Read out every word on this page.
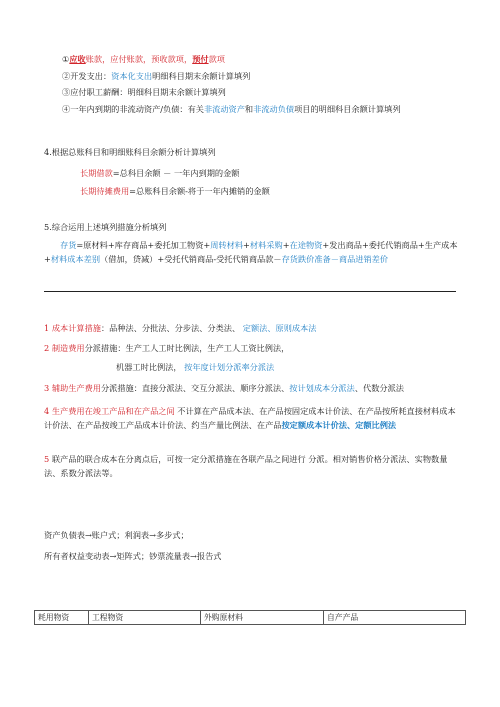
①应收账款，应付账款，预收款项，预付款项
②开发支出：资本化支出明细科目期末余额计算填列
③应付职工薪酬：明细科目期末余额计算填列
④一年内到期的非流动资产/负债：有关非流动资产和非流动负债项目的明细科目余额计算填列
4.根据总账科目和明细账科目余额分析计算填列
长期借款=总科目余额 － 一年内到期的金额
长期待摊费用=总账科目余额-将于一年内摊销的金额
5.综合运用上述填列措施分析填列
存货=原材料+库存商品+委托加工物资+周转材料+材料采购+在途物资+发出商品+委托代销商品+生产成本+材料成本差别（借加，贷减）+受托代销商品-受托代销商品款－存货跌价准备－商品进销差价
1 成本计算措施：品种法、分批法、分步法、分类法、 定额法、原则成本法
2 制造费用分派措施：生产工人工时比例法，生产工人工资比例法，
机器工时比例法， 按年度计划分派率分派法
3 辅助生产费用分派措施：直接分派法、交互分派法、顺序分派法、按计划成本分派法、代数分派法
4 生产费用在竣工产品和在产品之间 不计算在产品成本法、在产品按固定成本计价法、在产品按所耗直接材料成本计价法、在产品按竣工产品成本计价法、约当产量比例法、在产品按定额成本计价法、定额比例法
5 联产品的联合成本在分离点后，可按一定分派措施在各联产品之间进行 分派。相对销售价格分派法、实物数量法、系数分派法等。
资产负债表→账户式；利润表→多步式；
所有者权益变动表→矩阵式；钞票流量表→报告式
耗用物资	工程物资	外购原材料	自产产品
